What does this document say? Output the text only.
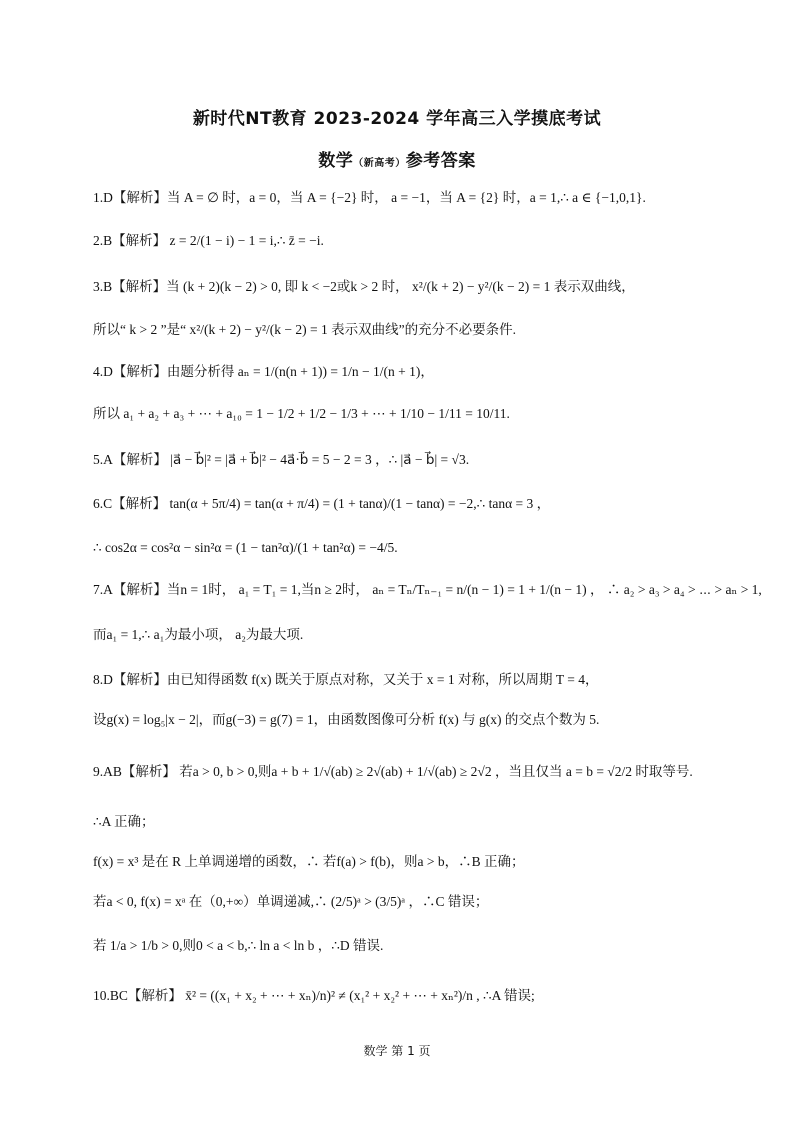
新时代NT教育 2023-2024 学年高三入学摸底考试
数学（新高考）参考答案
1.D【解析】当 A = ∅ 时，a = 0，当 A = {−2} 时， a = −1，当 A = {2} 时，a = 1,∴ a ∈ {−1,0,1}.
2.B【解析】 z = 2/(1 − i) − 1 = i,∴ z̄ = −i.
3.B【解析】当 (k + 2)(k − 2) > 0, 即 k < −2或k > 2 时， x²/(k + 2) − y²/(k − 2) = 1 表示双曲线，
所以“ k > 2 ”是“ x²/(k + 2) − y²/(k − 2) = 1 表示双曲线”的充分不必要条件.
4.D【解析】由题分析得 aₙ = 1/(n(n + 1)) = 1/n − 1/(n + 1)，
所以 a₁ + a₂ + a₃ + ⋯ + a₁₀ = 1 − 1/2 + 1/2 − 1/3 + ⋯ + 1/10 − 1/11 = 10/11.
5.A【解析】 |a⃗ − b⃗|² = |a⃗ + b⃗|² − 4a⃗·b⃗ = 5 − 2 = 3 ，∴ |a⃗ − b⃗| = √3.
6.C【解析】 tan(α + 5π/4) = tan(α + π/4) = (1 + tanα)/(1 − tanα) = −2,∴ tanα = 3 ，
∴ cos2α = cos²α − sin²α = (1 − tan²α)/(1 + tan²α) = −4/5.
7.A【解析】当n = 1时， a₁ = T₁ = 1,当n ≥ 2时， aₙ = Tₙ/Tₙ₋₁ = n/(n − 1) = 1 + 1/(n − 1) ， ∴ a₂ > a₃ > a₄ > ⋯ > aₙ > 1,
而a₁ = 1,∴ a₁为最小项， a₂为最大项.
8.D【解析】由已知得函数 f(x) 既关于原点对称，又关于 x = 1 对称，所以周期 T = 4，
设g(x) = log₅|x − 2|，而g(−3) = g(7) = 1，由函数图像可分析 f(x) 与 g(x) 的交点个数为 5.
9.AB【解析】 若a > 0, b > 0,则a + b + 1/√(ab) ≥ 2√(ab) + 1/√(ab) ≥ 2√2 ，当且仅当 a = b = √2/2 时取等号.
∴A 正确；
f(x) = x³ 是在 R 上单调递增的函数，∴ 若f(a) > f(b)，则a > b，∴B 正确；
若a < 0, f(x) = xᵃ 在（0,+∞）单调递减,∴ (2/5)ᵃ > (3/5)ᵃ ，∴C 错误；
若 1/a > 1/b > 0,则0 < a < b,∴ ln a < ln b ，∴D 错误.
10.BC【解析】 x̄² = ((x₁ + x₂ + ⋯ + xₙ)/n)² ≠ (x₁² + x₂² + ⋯ + xₙ²)/n , ∴A 错误;
数学 第 1 页
